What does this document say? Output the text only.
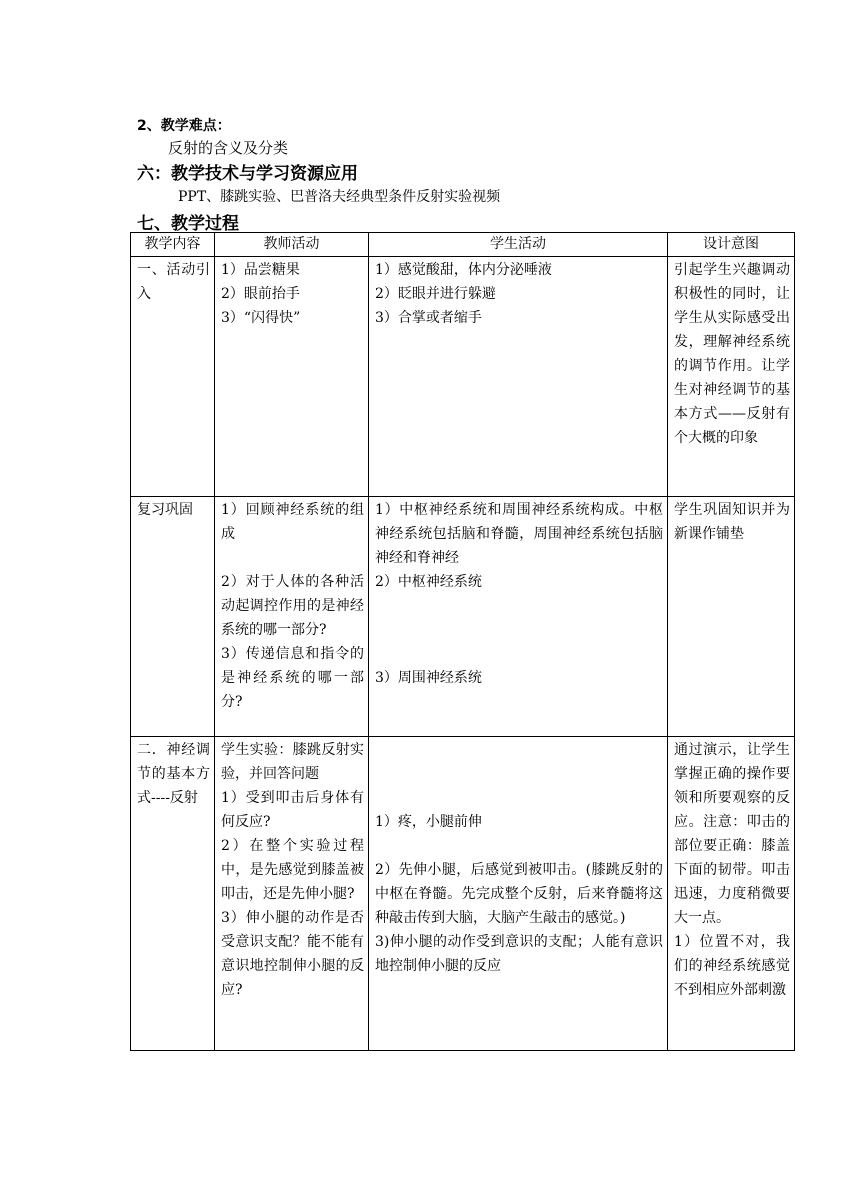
2、教学难点：
反射的含义及分类
六：教学技术与学习资源应用
PPT、膝跳实验、巴普洛夫经典型条件反射实验视频
七、教学过程
教学内容	教师活动	学生活动	设计意图
一、活动引入	1）品尝糖果
2）眼前抬手
3）“闪得快”	1）感觉酸甜，体内分泌唾液
2）眨眼并进行躲避
3）合掌或者缩手	引起学生兴趣调动积极性的同时，让学生从实际感受出发，理解神经系统的调节作用。让学生对神经调节的基本方式——反射有个大概的印象
复习巩固	1）回顾神经系统的组成
2）对于人体的各种活动起调控作用的是神经系统的哪一部分?
3）传递信息和指令的是神经系统的哪一部分?	1）中枢神经系统和周围神经系统构成。中枢神经系统包括脑和脊髓，周围神经系统包括脑神经和脊神经
2）中枢神经系统
3）周围神经系统	学生巩固知识并为新课作铺垫
二．神经调节的基本方式----反射	学生实验：膝跳反射实验，并回答问题
1）受到叩击后身体有何反应?
2）在整个实验过程中，是先感觉到膝盖被叩击，还是先伸小腿?
3）伸小腿的动作是否受意识支配？能不能有意识地控制伸小腿的反应?	1）疼，小腿前伸
2）先伸小腿，后感觉到被叩击。(膝跳反射的中枢在脊髓。先完成整个反射，后来脊髓将这种敲击传到大脑，大脑产生敲击的感觉。)
3)伸小腿的动作受到意识的支配；人能有意识地控制伸小腿的反应	通过演示，让学生掌握正确的操作要领和所要观察的反应。注意：叩击的部位要正确：膝盖下面的韧带。叩击迅速，力度稍微要大一点。
1）位置不对，我们的神经系统感觉不到相应外部刺激
